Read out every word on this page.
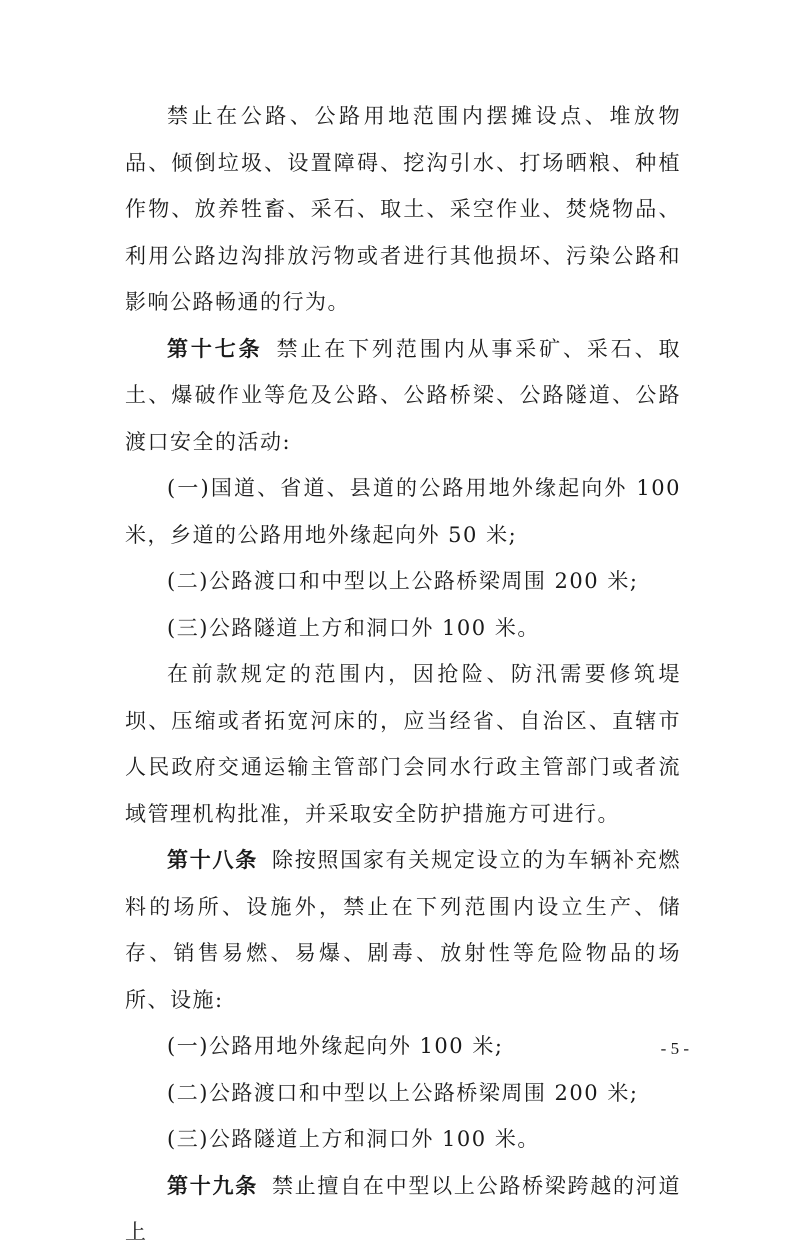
禁止在公路、公路用地范围内摆摊设点、堆放物品、倾倒垃圾、设置障碍、挖沟引水、打场晒粮、种植作物、放养牲畜、采石、取土、采空作业、焚烧物品、利用公路边沟排放污物或者进行其他损坏、污染公路和影响公路畅通的行为。

第十七条 禁止在下列范围内从事采矿、采石、取土、爆破作业等危及公路、公路桥梁、公路隧道、公路渡口安全的活动:

(一)国道、省道、县道的公路用地外缘起向外 100 米，乡道的公路用地外缘起向外 50 米;

(二)公路渡口和中型以上公路桥梁周围 200 米;

(三)公路隧道上方和洞口外 100 米。

在前款规定的范围内，因抢险、防汛需要修筑堤坝、压缩或者拓宽河床的，应当经省、自治区、直辖市人民政府交通运输主管部门会同水行政主管部门或者流域管理机构批准，并采取安全防护措施方可进行。

第十八条 除按照国家有关规定设立的为车辆补充燃料的场所、设施外，禁止在下列范围内设立生产、储存、销售易燃、易爆、剧毒、放射性等危险物品的场所、设施:

(一)公路用地外缘起向外 100 米;

(二)公路渡口和中型以上公路桥梁周围 200 米;

(三)公路隧道上方和洞口外 100 米。

第十九条 禁止擅自在中型以上公路桥梁跨越的河道上

- 5 -
